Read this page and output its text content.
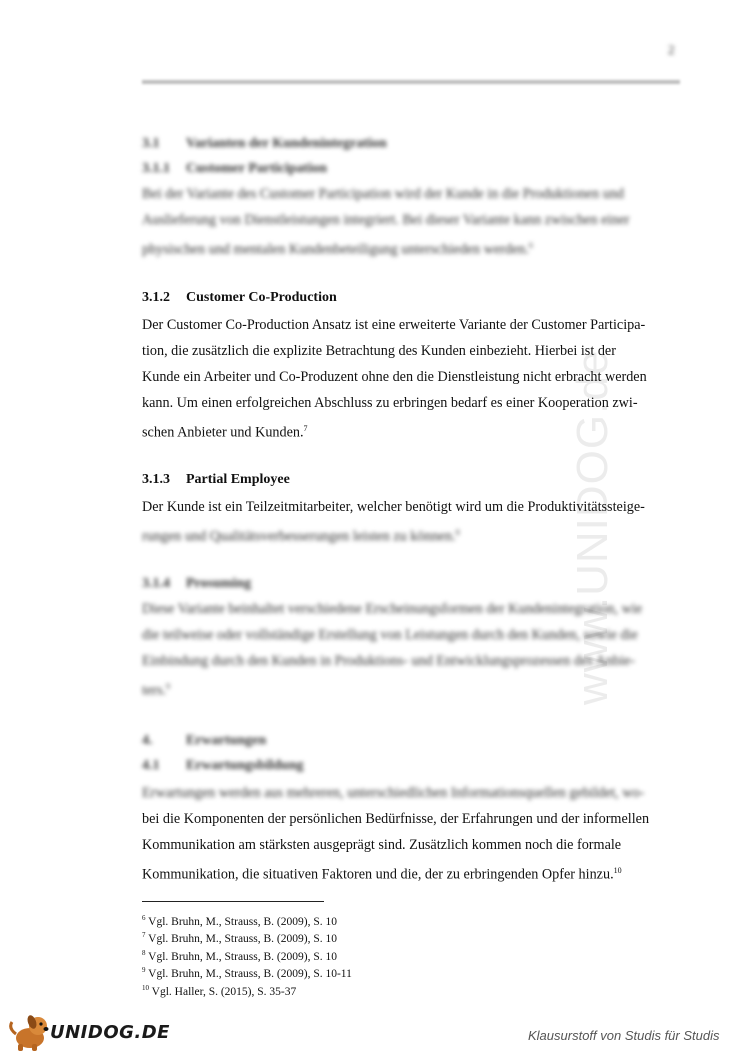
2
www.UNIDOG.de
3.1 Varianten der Kundenintegration
3.1.1 Customer Participation
Bei der Variante des Customer Participation wird der Kunde in die Produktionen und
Auslieferung von Dienstleistungen integriert. Bei dieser Variante kann zwischen einer
physischen und mentalen Kundenbeteiligung unterschieden werden.$^6$
3.1.2 Customer Co-Production
Der Customer Co-Production Ansatz ist eine erweiterte Variante der Customer Participa-
tion, die zusätzlich die explizite Betrachtung des Kunden einbezieht. Hierbei ist der
Kunde ein Arbeiter und Co-Produzent ohne den die Dienstleistung nicht erbracht werden
kann. Um einen erfolgreichen Abschluss zu erbringen bedarf es einer Kooperation zwi-
schen Anbieter und Kunden.$^7$
3.1.3 Partial Employee
Der Kunde ist ein Teilzeitmitarbeiter, welcher benötigt wird um die Produktivitätssteige-
rungen und Qualitätsverbesserungen leisten zu können.$^8$
3.1.4 Prosuming
Diese Variante beinhaltet verschiedene Erscheinungsformen der Kundenintegration, wie
die teilweise oder vollständige Erstellung von Leistungen durch den Kunden, sowie die
Einbindung durch den Kunden in Produktions- und Entwicklungsprozessen des Anbie-
ters.$^9$
4. Erwartungen
4.1 Erwartungsbildung
Erwartungen werden aus mehreren, unterschiedlichen Informationsquellen gebildet, wo-
bei die Komponenten der persönlichen Bedürfnisse, der Erfahrungen und der informellen
Kommunikation am stärksten ausgeprägt sind. Zusätzlich kommen noch die formale
Kommunikation, die situativen Faktoren und die, der zu erbringenden Opfer hinzu.$^{10}$
$^6$ Vgl. Bruhn, M., Strauss, B. (2009), S. 10
$^7$ Vgl. Bruhn, M., Strauss, B. (2009), S. 10
$^8$ Vgl. Bruhn, M., Strauss, B. (2009), S. 10
$^9$ Vgl. Bruhn, M., Strauss, B. (2009), S. 10-11
$^{10}$ Vgl. Haller, S. (2015), S. 35-37
UNIDOG.DE	Klausurstoff von Studis für Studis
